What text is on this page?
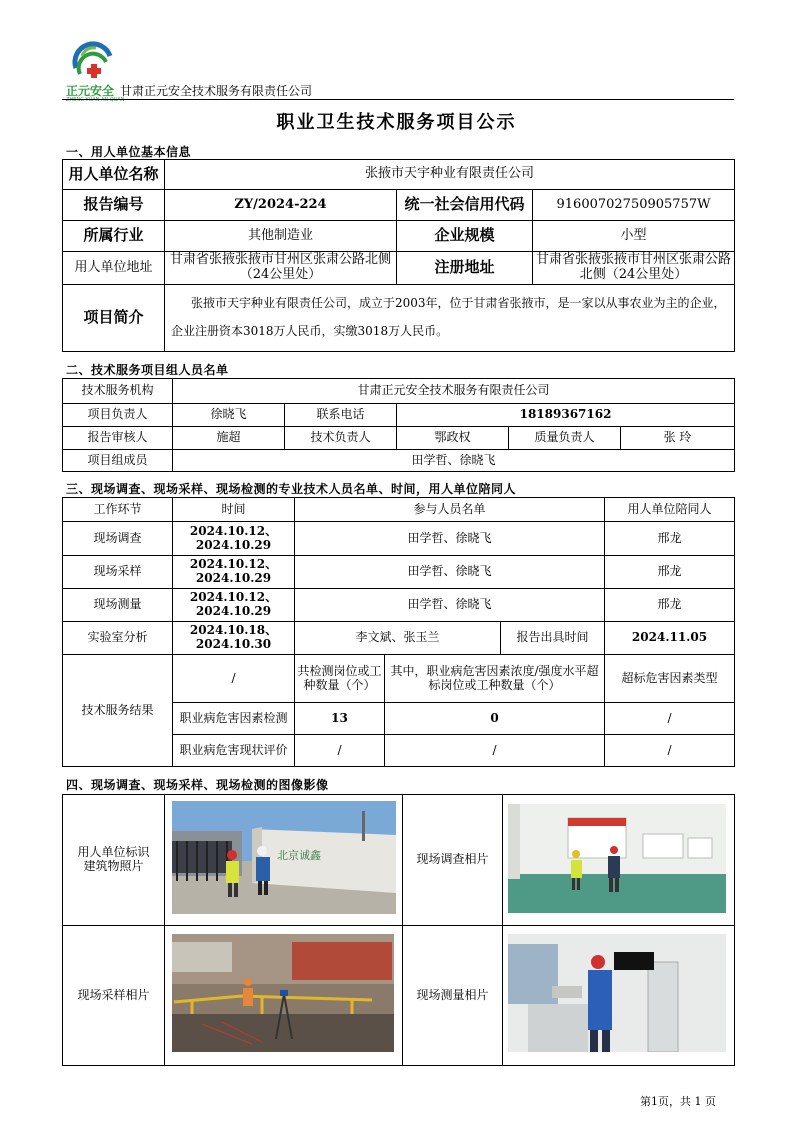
正元安全
ZHENG YUAN AN QUAN
甘肃正元安全技术服务有限责任公司
职业卫生技术服务项目公示
一、用人单位基本信息
用人单位名称	张掖市天宇种业有限责任公司		
报告编号	ZY/2024-224	统一社会信用代码	91600702750905757W
所属行业	其他制造业	企业规模	小型
用人单位地址	甘肃省张掖张掖市甘州区张肃公路北侧（24公里处）	注册地址	甘肃省张掖张掖市甘州区张肃公路北侧（24公里处）
项目简介	张掖市天宇种业有限责任公司，成立于2003年，位于甘肃省张掖市，是一家以从事农业为主的企业，
企业注册资本3018万人民币，实缴3018万人民币。		
二、技术服务项目组人员名单
技术服务机构	甘肃正元安全技术服务有限责任公司				
项目负责人	徐晓飞	联系电话	18189367162		
报告审核人	施超	技术负责人	鄂政权	质量负责人	张 玲
项目组成员	田学哲、徐晓飞				
三、现场调查、现场采样、现场检测的专业技术人员名单、时间，用人单位陪同人
工作环节	时间	参与人员名单			用人单位陪同人
现场调查	2024.10.12、
2024.10.29	田学哲、徐晓飞			邢龙
现场采样	2024.10.12、
2024.10.29	田学哲、徐晓飞			邢龙
现场测量	2024.10.12、
2024.10.29	田学哲、徐晓飞			邢龙
实验室分析	2024.10.18、
2024.10.30	李文斌、张玉兰		报告出具时间	2024.11.05
技术服务结果	/	共检测岗位或工种数量（个）	其中，职业病危害因素浓度/强度水平超标岗位或工种数量（个）		超标危害因素类型
	职业病危害因素检测	13	0		/
	职业病危害现状评价	/	/		/
四、现场调查、现场采样、现场检测的图像影像
用人单位标识建筑物照片		现场调查相片	
现场采样相片		现场测量相片	
北京诚鑫
第1页，共 1 页
